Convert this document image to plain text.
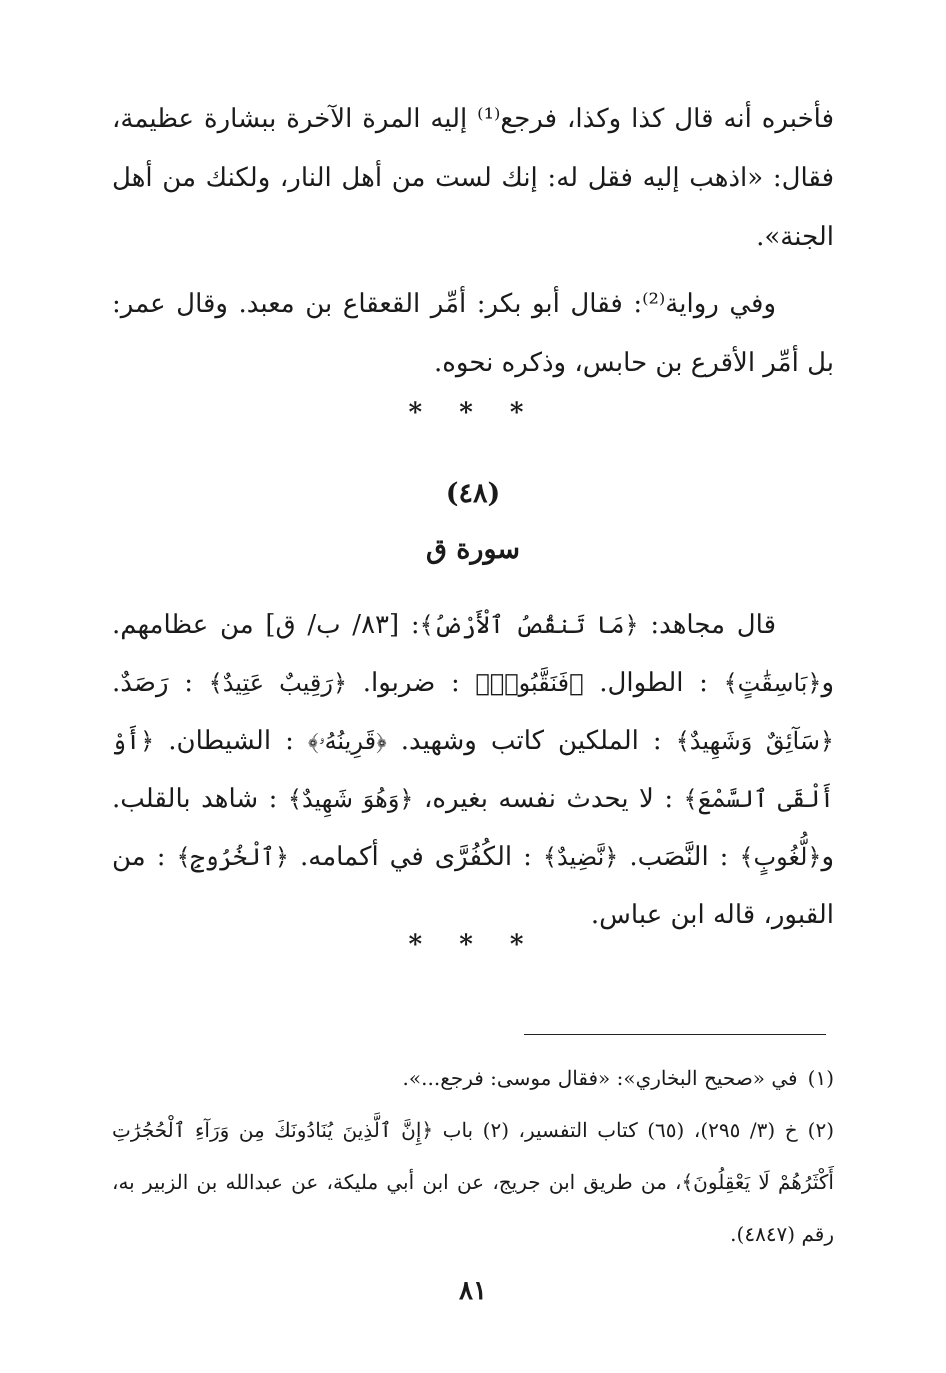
فأخبره أنه قال كذا وكذا، فرجع⁽¹⁾ إليه المرة الآخرة ببشارة عظيمة، فقال: «اذهب إليه فقل له: إنك لست من أهل النار، ولكنك من أهل الجنة».

وفي رواية⁽²⁾: فقال أبو بكر: أمِّر القعقاع بن معبد. وقال عمر: بل أمِّر الأقرع بن حابس، وذكره نحوه.

* * *
(٤٨)
سورة ق

قال مجاهد: ﴿مَا تَنقُصُ ٱلْأَرْضُ﴾: [٨٣/ ب/ ق] من عظامهم. و﴿بَاسِقَٰتٍ﴾ : الطوال. ﴿فَنَقَّبُوا۟﴾ : ضربوا. ﴿رَقِيبٌ عَتِيدٌ﴾ : رَصَدٌ. ﴿سَآئِقٌ وَشَهِيدٌ﴾ : الملكين كاتب وشهيد. ﴿قَرِينُهُۥ﴾ : الشيطان. ﴿أَوْ أَلْقَى ٱلسَّمْعَ﴾ : لا يحدث نفسه بغيره، ﴿وَهُوَ شَهِيدٌ﴾ : شاهد بالقلب. و﴿لُّغُوبٍ﴾ : النَّصَب. ﴿نَّضِيدٌ﴾ : الكُفُرَّى في أكمامه. ﴿ٱلْخُرُوجِ﴾ : من القبور، قاله ابن عباس.

* * *

(١)في «صحيح البخاري»: «فقال موسى: فرجع...».

(٢)خ (٣/ ٢٩٥)، (٦٥) كتاب التفسير، (٢) باب ﴿إِنَّ ٱلَّذِينَ يُنَادُونَكَ مِن وَرَآءِ ٱلْحُجُرَٰتِ أَكْثَرُهُمْ لَا يَعْقِلُونَ﴾، من طريق ابن جريج، عن ابن أبي مليكة، عن عبدالله بن الزبير به، رقم (٤٨٤٧).

٨١
